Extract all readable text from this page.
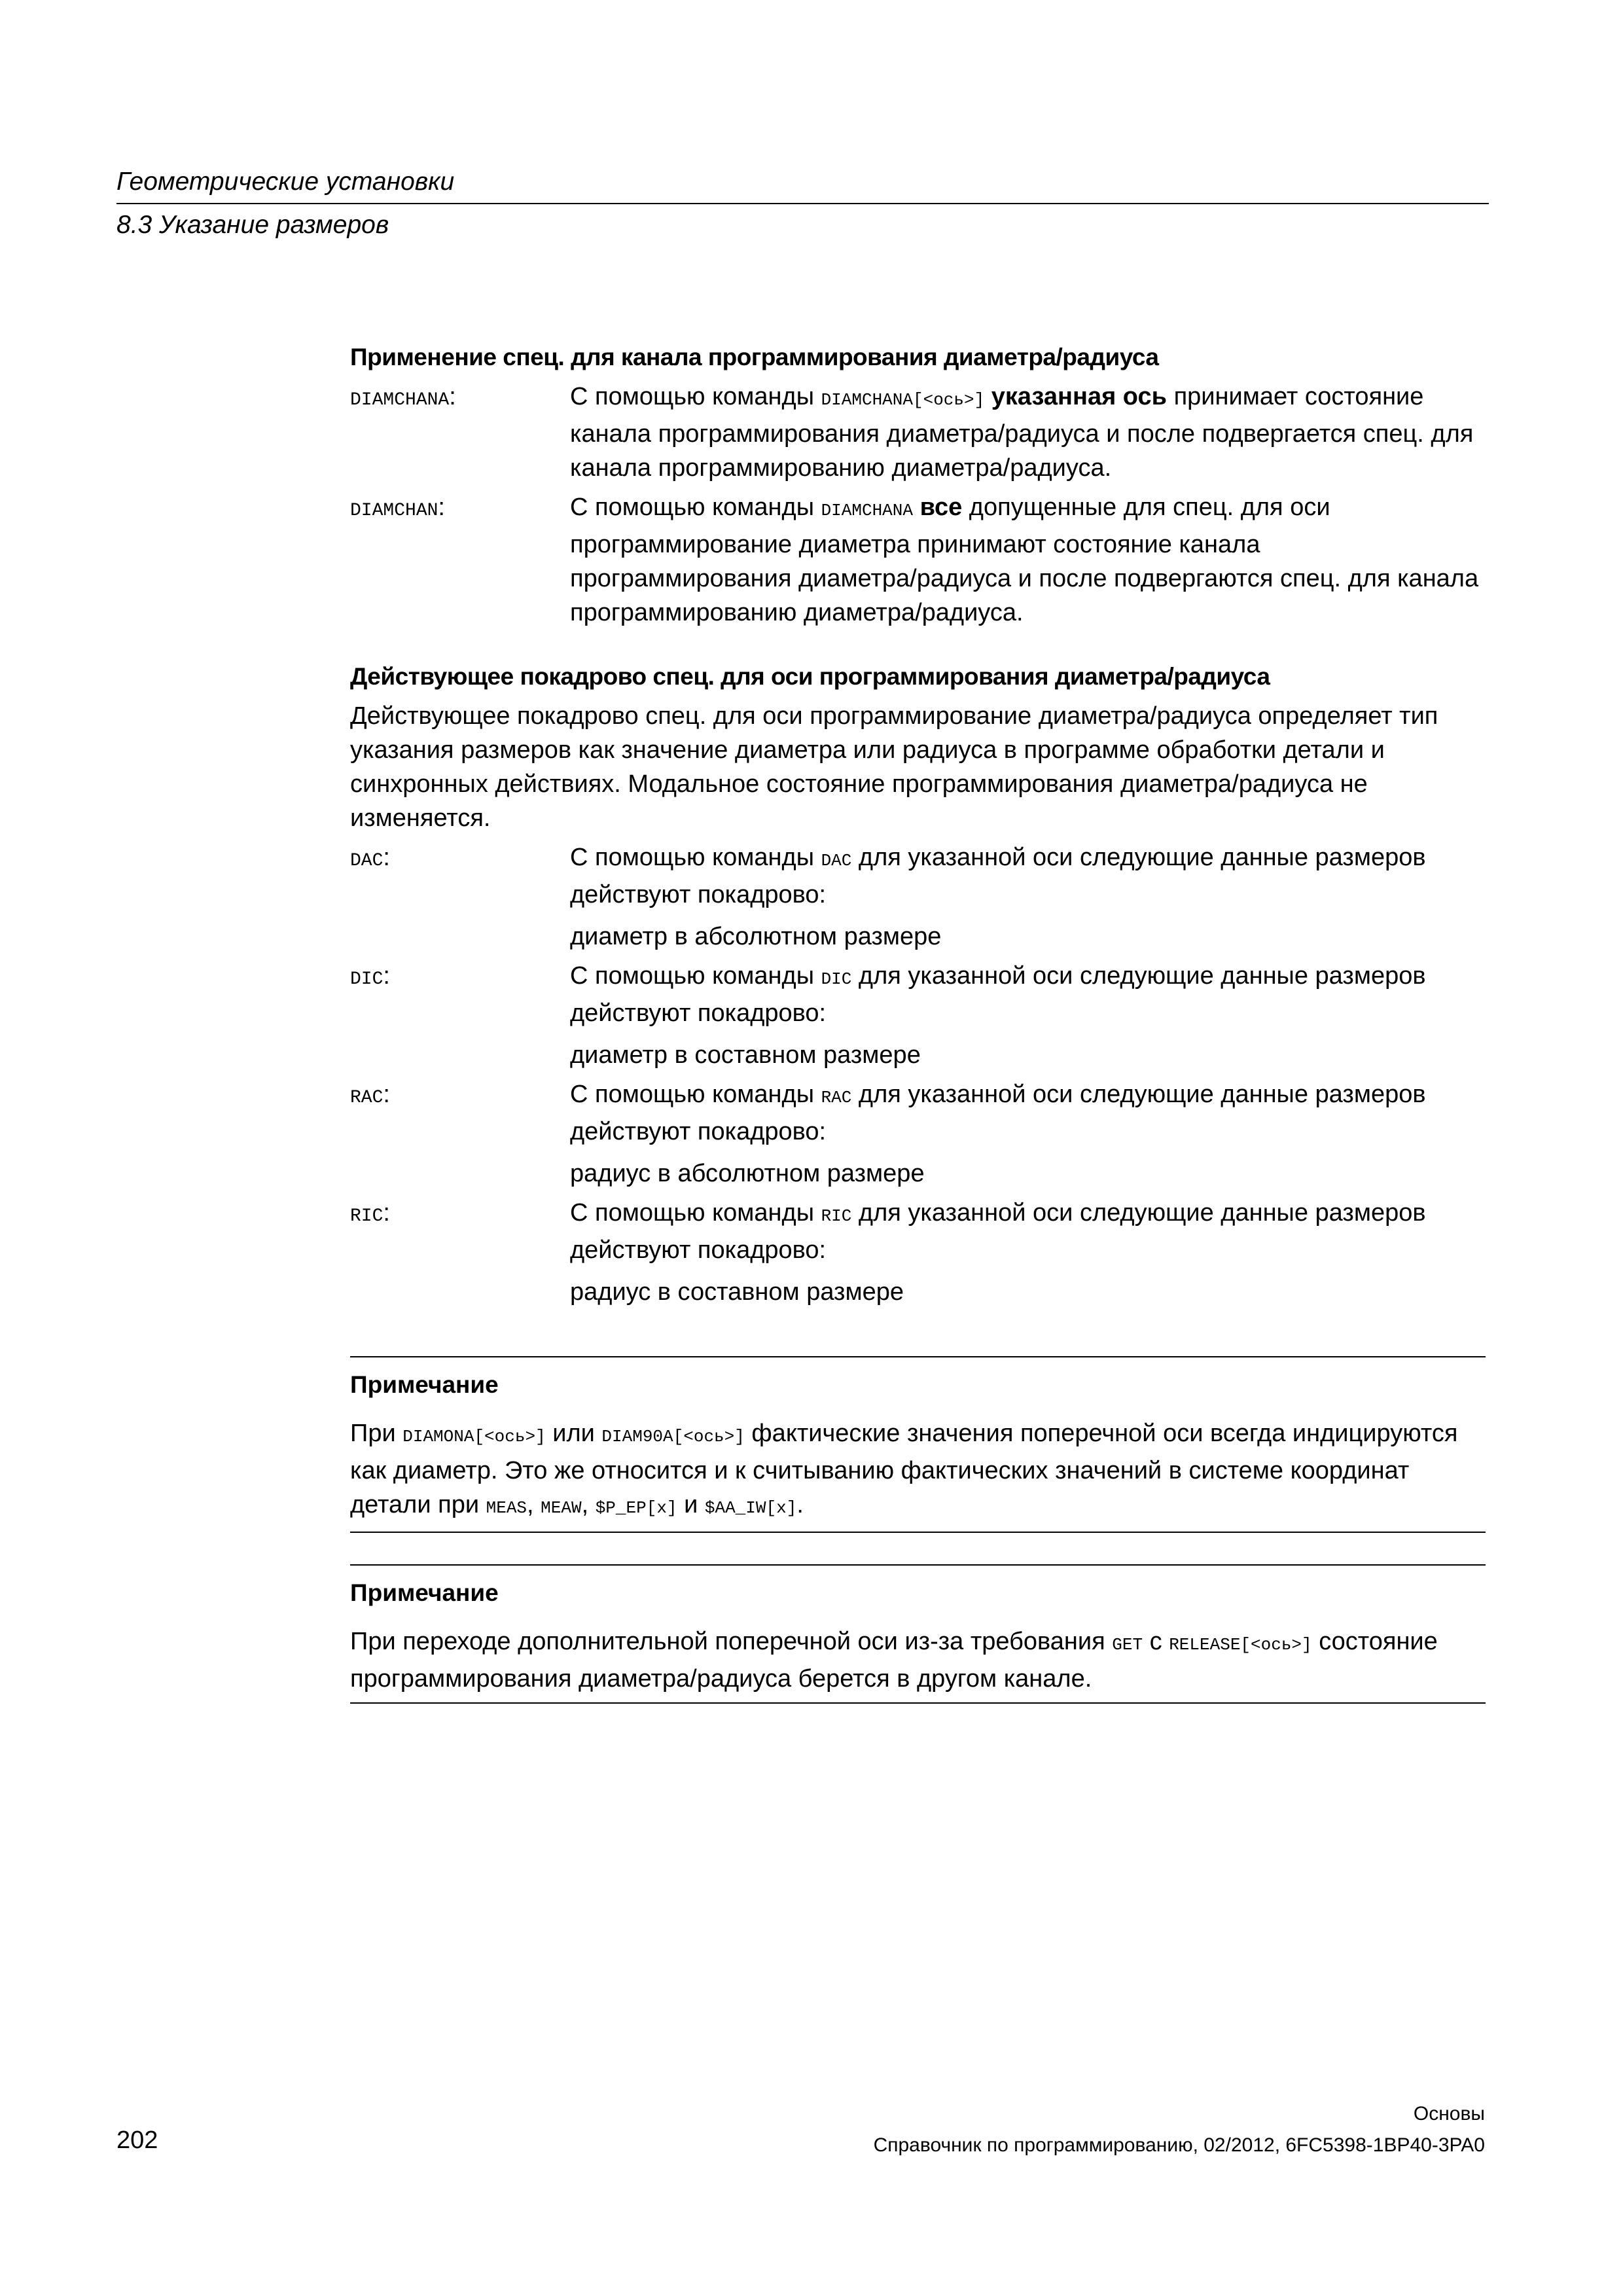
Геометрические установки
8.3 Указание размеров
Применение спец. для канала программирования диаметра/радиуса
DIAMCHANA:	С помощью команды DIAMCHANA[<ось>] указанная ось принимает состояние канала программирования диаметра/радиуса и после подвергается спец. для канала программированию диаметра/радиуса.
DIAMCHAN:	С помощью команды DIAMCHANA все допущенные для спец. для оси программирование диаметра принимают состояние канала программирования диаметра/радиуса и после подвергаются спец. для канала программированию диаметра/радиуса.
Действующее покадрово спец. для оси программирования диаметра/радиуса

Действующее покадрово спец. для оси программирование диаметра/радиуса определяет тип указания размеров как значение диаметра или радиуса в программе обработки детали и синхронных действиях. Модальное состояние программирования диаметра/радиуса не изменяется.

DAC:	С помощью команды DAC для указанной оси следующие данные размеров действуют покадрово:

диаметр в абсолютном размере

DIC:	С помощью команды DIC для указанной оси следующие данные размеров действуют покадрово:

диаметр в составном размере

RAC:	С помощью команды RAC для указанной оси следующие данные размеров действуют покадрово:

радиус в абсолютном размере

RIC:	С помощью команды RIC для указанной оси следующие данные размеров действуют покадрово:

радиус в составном размере

Примечание
При DIAMONA[<ось>] или DIAM90A[<ось>] фактические значения поперечной оси всегда индицируются как диаметр. Это же относится и к считыванию фактических значений в системе координат детали при MEAS, MEAW, $P_EP[x] и $AA_IW[x].
Примечание
При переходе дополнительной поперечной оси из-за требования GET с RELEASE[<ось>] состояние программирования диаметра/радиуса берется в другом канале.
Основы
Справочник по программированию, 02/2012, 6FC5398-1BP40-3PA0
202
